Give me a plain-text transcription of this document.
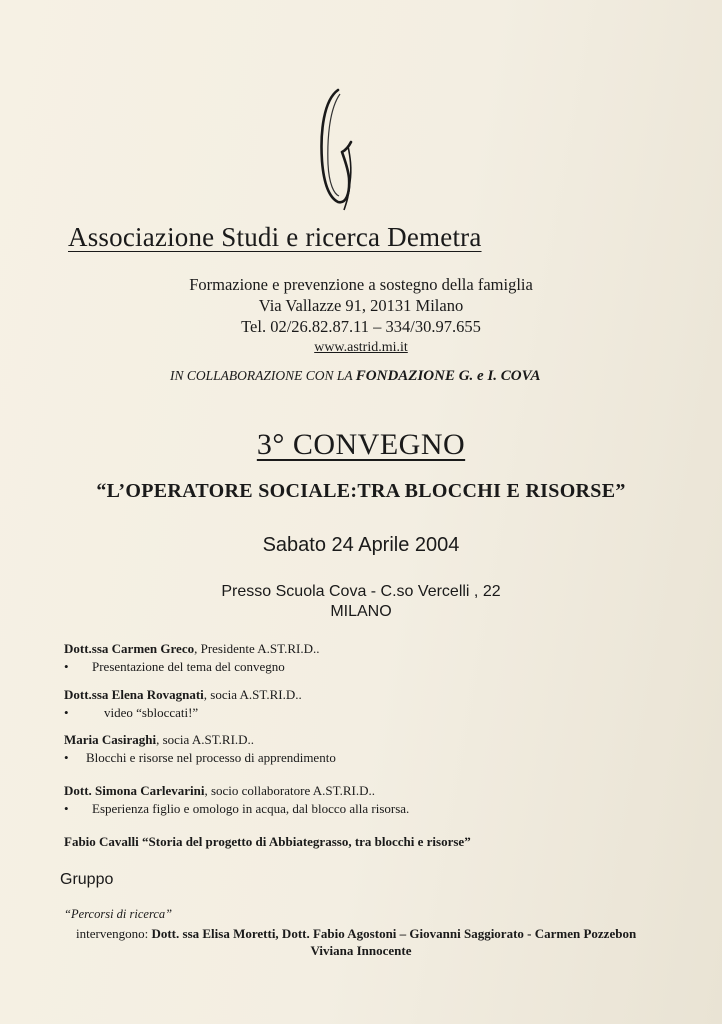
Associazione Studi e ricerca Demetra
Formazione e prevenzione a sostegno della famiglia
Via Vallazze 91, 20131 Milano
Tel. 02/26.82.87.11 – 334/30.97.655
www.astrid.mi.it
IN COLLABORAZIONE CON LA FONDAZIONE G. e I. COVA
3° CONVEGNO
“L’OPERATORE SOCIALE:TRA BLOCCHI E RISORSE”
Sabato 24 Aprile 2004
Presso Scuola Cova - C.so Vercelli , 22
MILANO
Dott.ssa Carmen Greco, Presidente A.ST.RI.D..
•	Presentazione del tema del convegno
Dott.ssa Elena Rovagnati, socia A.ST.RI.D..
•	video “sbloccati!”
Maria Casiraghi, socia A.ST.RI.D..
•	Blocchi e risorse nel processo di apprendimento
Dott. Simona Carlevarini, socio collaboratore A.ST.RI.D..
•	Esperienza figlio e omologo in acqua, dal blocco alla risorsa.
Fabio Cavalli “Storia del progetto di Abbiategrasso, tra blocchi e risorse”
Gruppo
“Percorsi di ricerca”
intervengono: Dott. ssa Elisa Moretti, Dott. Fabio Agostoni – Giovanni Saggiorato - Carmen Pozzebon
Viviana Innocente
